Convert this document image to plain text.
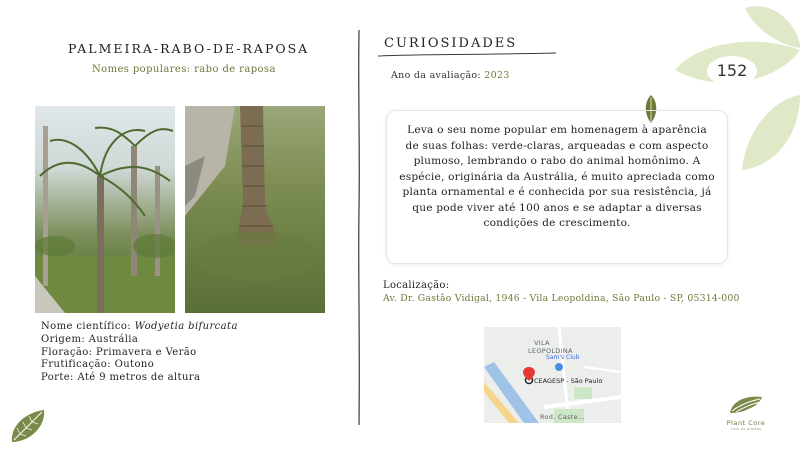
PALMEIRA-RABO-DE-RAPOSA
Nomes populares: rabo de raposa
Nome científico: Wodyetia bifurcata
Origem: Austrália
Floração: Primavera e Verão
Frutificação: Outono
Porte: Até 9 metros de altura
CURIOSIDADES
Ano da avaliação: 2023	152

Leva o seu nome popular em homenagem à aparência de suas folhas: verde-claras, arqueadas e com aspecto plumoso, lembrando o rabo do animal homônimo. A espécie, originária da Austrália, é muito apreciada como planta ornamental e é conhecida por sua resistência, já que pode viver até 100 anos e se adaptar a diversas condições de crescimento.

Localização:
Av. Dr. Gastão Vidigal, 1946 - Vila Leopoldina, São Paulo - SP, 05314-000
VILA
LEOPOLDINA
Sam's Club
CEAGESP - São Paulo
Rod. Caste...
Plant Core
ciclo de plantas
